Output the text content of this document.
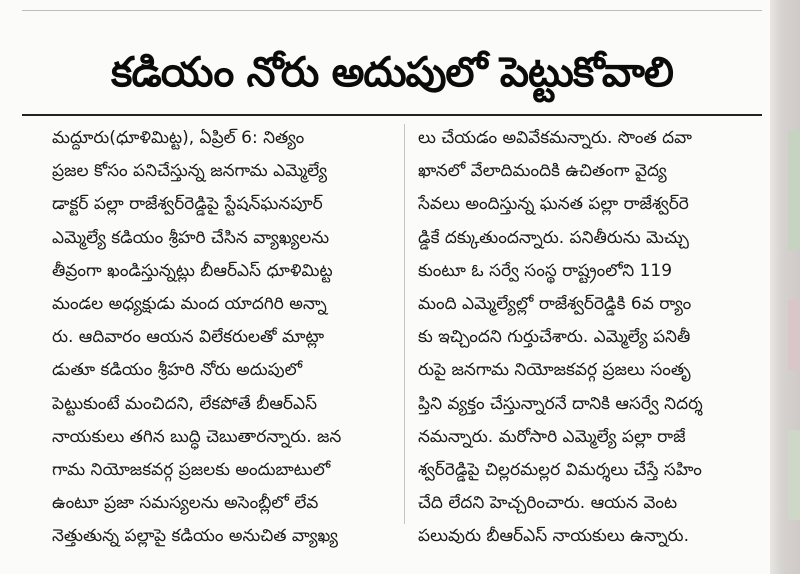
కడియం నోరు అదుపులో పెట్టుకోవాలి
మద్దూరు(ధూళిమిట్ట), ఏప్రిల్ 6: నిత్యం
ప్రజల కోసం పనిచేస్తున్న జనగామ ఎమ్మెల్యే
డాక్టర్ పల్లా రాజేశ్వర్‌రెడ్డిపై స్టేషన్‌ఘనపూర్
ఎమ్మెల్యే కడియం శ్రీహరి చేసిన వ్యాఖ్యలను
తీవ్రంగా ఖండిస్తున్నట్లు బీఆర్‌ఎస్ ధూళిమిట్ట
మండల అధ్యక్షుడు మంద యాదగిరి అన్నా
రు. ఆదివారం ఆయన విలేకరులతో మాట్లా
డుతూ కడియం శ్రీహరి నోరు అదుపులో
పెట్టుకుంటే మంచిదని, లేకపోతే బీఆర్‌ఎస్
నాయకులు తగిన బుద్ధి చెబుతారన్నారు. జన
గామ నియోజకవర్గ ప్రజలకు అందుబాటులో
ఉంటూ ప్రజా సమస్యలను అసెంబ్లీలో లేవ
నెత్తుతున్న పల్లాపై కడియం అనుచిత వ్యాఖ్య
లు చేయడం అవివేకమన్నారు. సొంత దవా
ఖానలో వేలాదిమందికి ఉచితంగా వైద్య
సేవలు అందిస్తున్న ఘనత పల్లా రాజేశ్వర్‌రె
డ్డికే దక్కుతుందన్నారు. పనితీరును మెచ్చు
కుంటూ ఓ సర్వే సంస్థ రాష్ట్రంలోని 119
మంది ఎమ్మెల్యేల్లో రాజేశ్వర్‌రెడ్డికి 6వ ర్యాం
కు ఇచ్చిందని గుర్తుచేశారు. ఎమ్మెల్యే పనితీ
రుపై జనగామ నియోజకవర్గ ప్రజలు సంతృ
ప్తిని వ్యక్తం చేస్తున్నారనే దానికి ఆసర్వే నిదర్శ
నమన్నారు. మరోసారి ఎమ్మెల్యే పల్లా రాజే
శ్వర్‌రెడ్డిపై చిల్లరమల్లర విమర్శలు చేస్తే సహిం
చేది లేదని హెచ్చరించారు. ఆయన వెంట
పలువురు బీఆర్‌ఎస్ నాయకులు ఉన్నారు.
